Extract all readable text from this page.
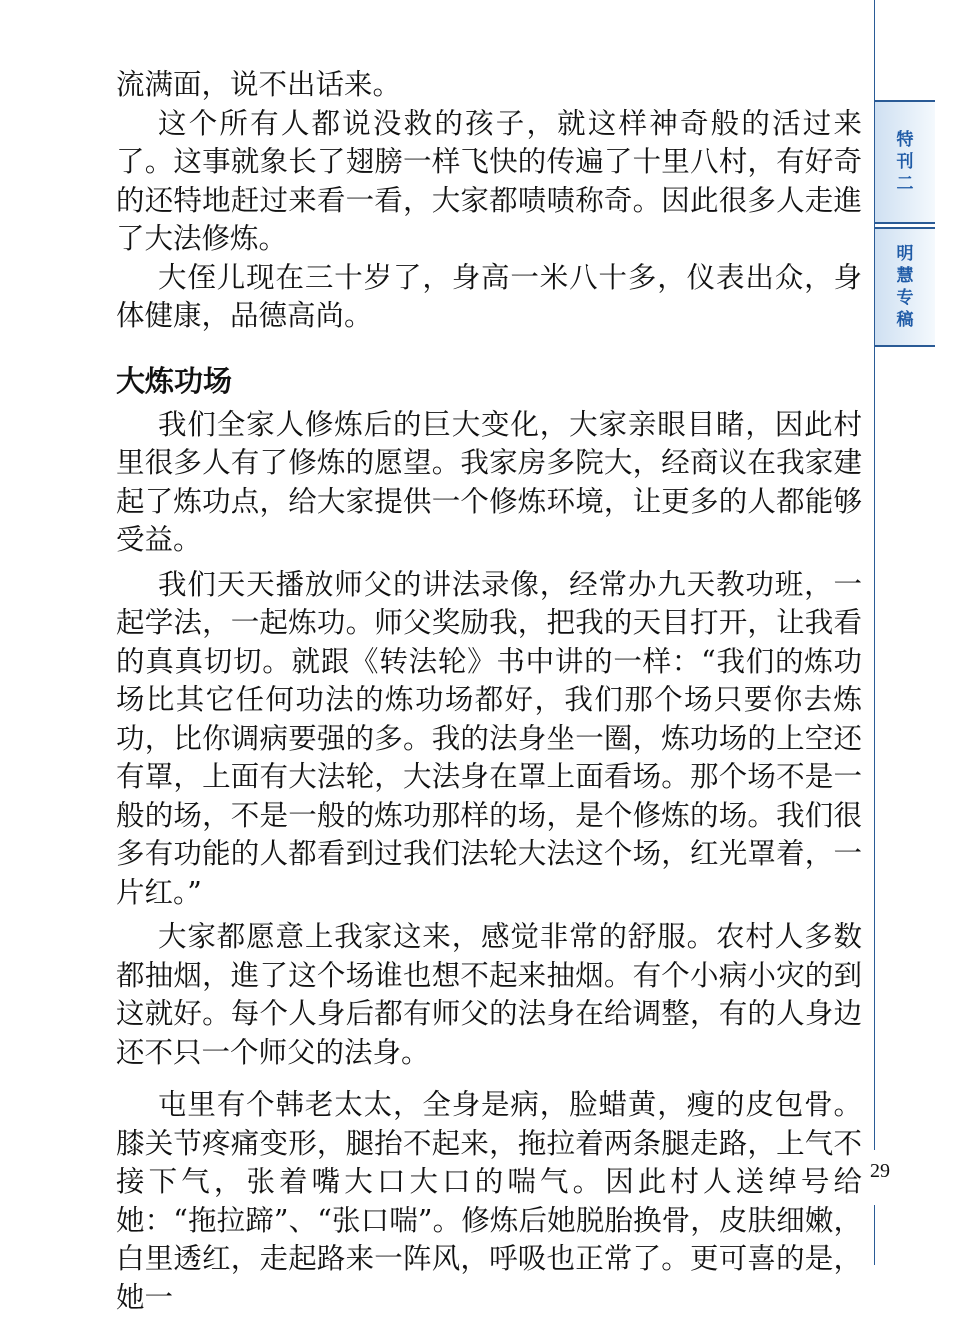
流满面，说不出话来。

这个所有人都说没救的孩子，就这样神奇般的活过来了。这事就象长了翅膀一样飞快的传遍了十里八村，有好奇的还特地赶过来看一看，大家都啧啧称奇。因此很多人走進了大法修炼。

大侄儿现在三十岁了，身高一米八十多，仪表出众，身体健康，品德高尚。

大炼功场

我们全家人修炼后的巨大变化，大家亲眼目睹，因此村里很多人有了修炼的愿望。我家房多院大，经商议在我家建起了炼功点，给大家提供一个修炼环境，让更多的人都能够受益。

我们天天播放师父的讲法录像，经常办九天教功班，一起学法，一起炼功。师父奖励我，把我的天目打开，让我看的真真切切。就跟《转法轮》书中讲的一样：“我们的炼功场比其它任何功法的炼功场都好，我们那个场只要你去炼功，比你调病要强的多。我的法身坐一圈，炼功场的上空还有罩，上面有大法轮，大法身在罩上面看场。那个场不是一般的场，不是一般的炼功那样的场，是个修炼的场。我们很多有功能的人都看到过我们法轮大法这个场，红光罩着，一片红。”

大家都愿意上我家这来，感觉非常的舒服。农村人多数都抽烟，進了这个场谁也想不起来抽烟。有个小病小灾的到这就好。每个人身后都有师父的法身在给调整，有的人身边还不只一个师父的法身。

屯里有个韩老太太，全身是病，脸蜡黄，瘦的皮包骨。膝关节疼痛变形，腿抬不起来，拖拉着两条腿走路，上气不接下气，张着嘴大口大口的喘气。因此村人送绰号给她：“拖拉蹄”、“张口喘”。修炼后她脱胎换骨，皮肤细嫩，白里透红，走起路来一阵风，呼吸也正常了。更可喜的是，她一

特
刊
二
明
慧
专
稿
29
